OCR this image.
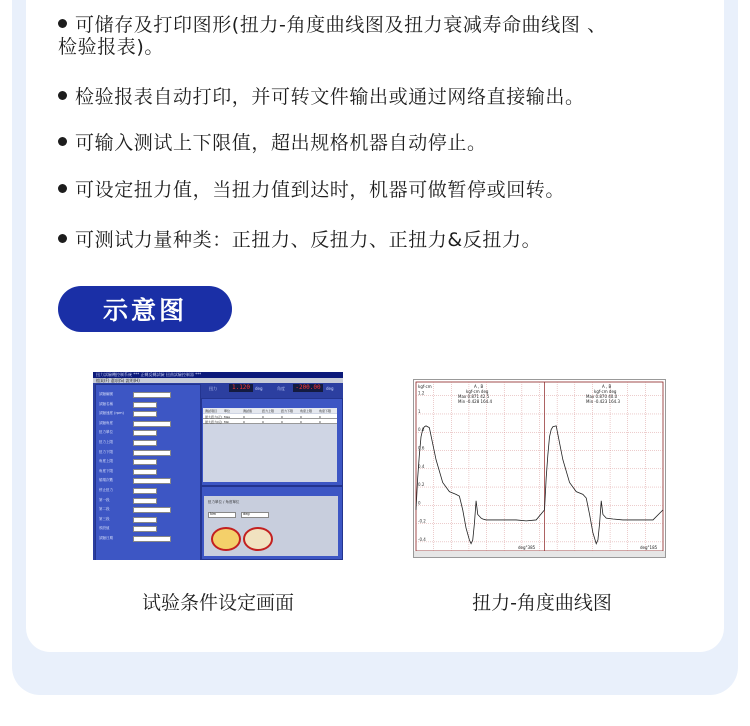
可储存及打印图形(扭力-角度曲线图及扭力衰减寿命曲线图 、
检验报表)。
检验报表自动打印，并可转文件输出或通过网络直接输出。
可输入测试上下限值，超出规格机器自动停止。
可设定扭力值，当扭力值到达时，机器可做暂停或回转。
可测试力量种类：正扭力、反扭力、正扭力&反扭力。
示意图
扭力試驗機控制系統 *** 正轉反轉試驗 扭曲試驗控制器 ***
檔案(F) 選項(S) 說明(H)
扭力	1.120	deg	角度	-200.00	deg
扭力單位 / 角度單位
Nm	deg
試驗編號
試驗名稱
試驗速度 (rpm)
試驗角度
扭力單位
扭力上限
扭力下限
角度上限
角度下限
循環次數
停止扭力
第一段
第二段
第三段
預設值
試驗日期
測試項目 單位	測試值	扭力上限 扭力下限 角度上限 角度下限
最大扭力(正) Max	0	0	0	0	0
最大扭力(反) Min	0	0	0	0	0
1.2
1
0.8
0.6
0.4
0.2
0
-0.2
-0.4
A , B
kgf·cm deg
Max 0.871 42.5
Min -0.428 164.4
A , B
kgf·cm deg
Max 0.870 40.0
Min -0.423 164.3
kgf·cm
deg°385	deg°185
试验条件设定画面	扭力-角度曲线图
